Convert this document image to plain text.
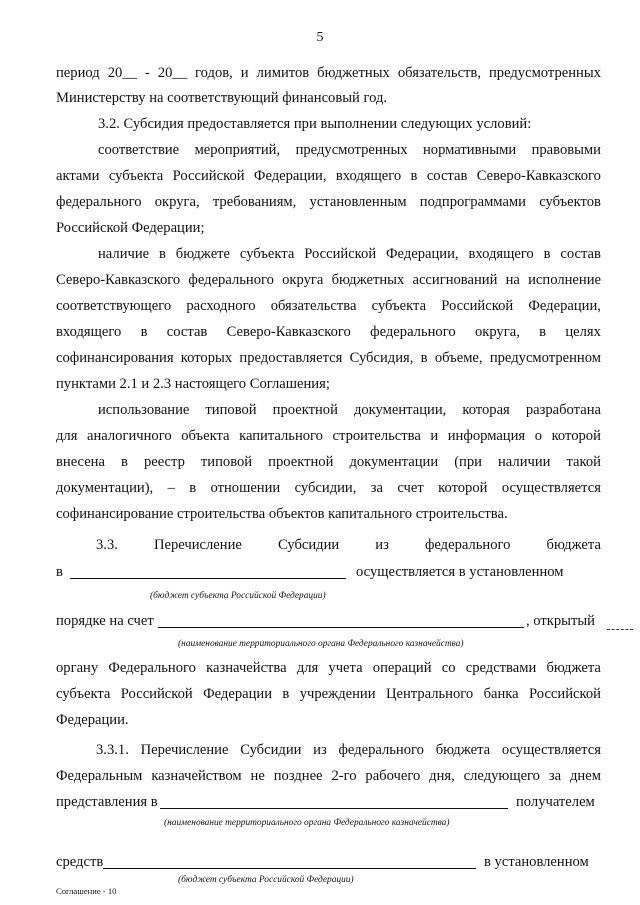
5
период 20__ - 20__ годов, и лимитов бюджетных обязательств, предусмотренных
Министерству на соответствующий финансовый год.
3.2. Субсидия предоставляется при выполнении следующих условий:
соответствие мероприятий, предусмотренных нормативными правовыми
актами субъекта Российской Федерации, входящего в состав Северо-Кавказского
федерального округа, требованиям, установленным подпрограммами субъектов
Российской Федерации;
наличие в бюджете субъекта Российской Федерации, входящего в состав
Северо-Кавказского федерального округа бюджетных ассигнований на исполнение
соответствующего расходного обязательства субъекта Российской Федерации,
входящего в состав Северо-Кавказского федерального округа, в целях
софинансирования которых предоставляется Субсидия, в объеме, предусмотренном
пунктами 2.1 и 2.3 настоящего Соглашения;
использование типовой проектной документации, которая разработана
для аналогичного объекта капитального строительства и информация о которой
внесена в реестр типовой проектной документации (при наличии такой
документации), – в отношении субсидии, за счет которой осуществляется
софинансирование строительства объектов капитального строительства.
3.3. Перечисление Субсидии из федерального бюджета
в	осуществляется в установленном
(бюджет субъекта Российской Федерации)
порядке на счет	, открытый
(наименование территориального органа Федерального казначейства)
органу Федерального казначейства для учета операций со средствами бюджета
субъекта Российской Федерации в учреждении Центрального банка Российской
Федерации.
3.3.1. Перечисление Субсидии из федерального бюджета осуществляется
Федеральным казначейством не позднее 2-го рабочего дня, следующего за днем
представления в	получателем
(наименование территориального органа Федерального казначейства)
средств	в установленном
(бюджет субъекта Российской Федерации)
Соглашение - 10
